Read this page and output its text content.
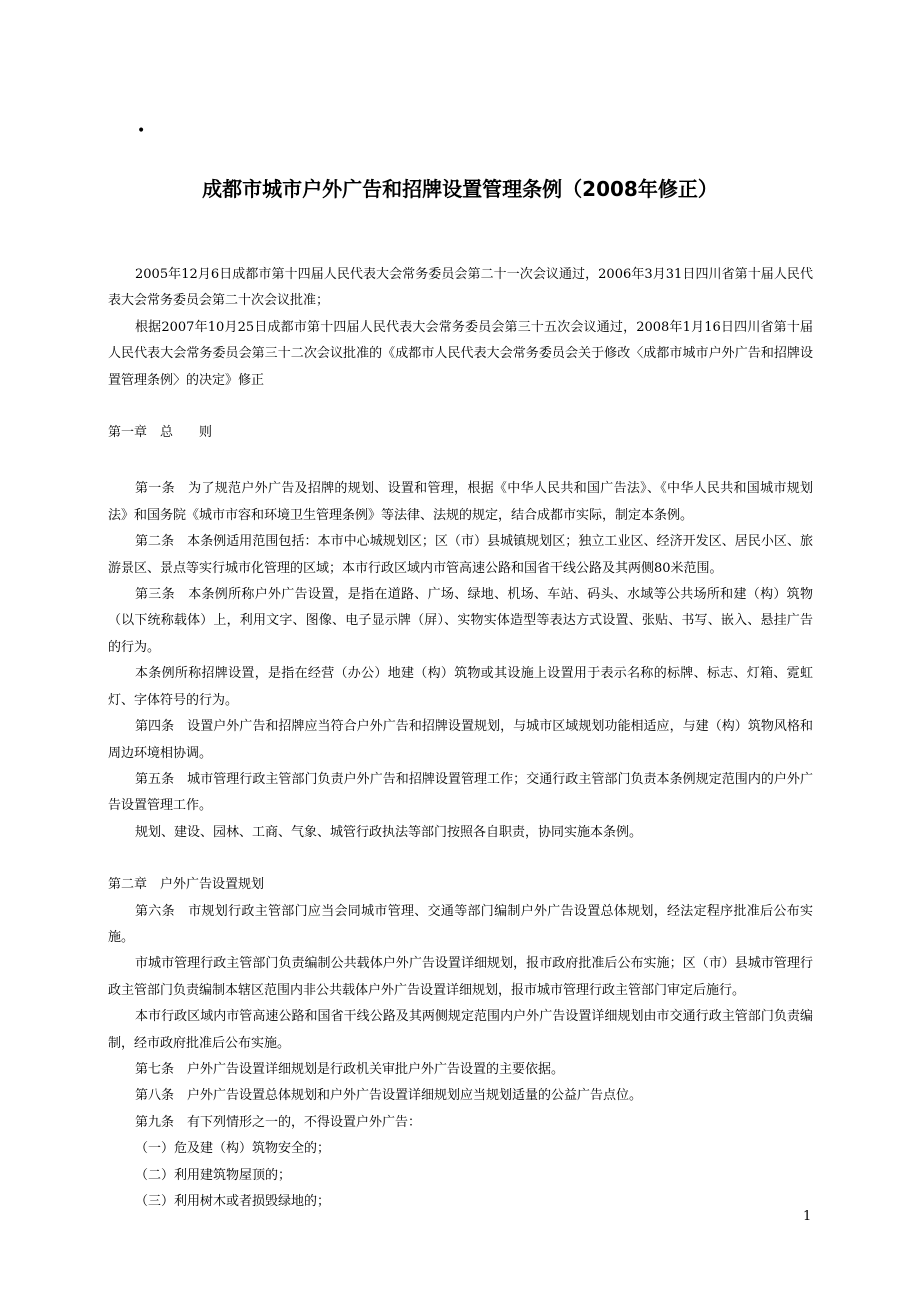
•
成都市城市户外广告和招牌设置管理条例（2008年修正）

2005年12月6日成都市第十四届人民代表大会常务委员会第二十一次会议通过，2006年3月31日四川省第十届人民代表大会常务委员会第二十次会议批准；

根据2007年10月25日成都市第十四届人民代表大会常务委员会第三十五次会议通过，2008年1月16日四川省第十届人民代表大会常务委员会第三十二次会议批准的《成都市人民代表大会常务委员会关于修改〈成都市城市户外广告和招牌设置管理条例〉的决定》修正

第一章　总　　则

第一条　为了规范户外广告及招牌的规划、设置和管理，根据《中华人民共和国广告法》、《中华人民共和国城市规划法》和国务院《城市市容和环境卫生管理条例》等法律、法规的规定，结合成都市实际，制定本条例。

第二条　本条例适用范围包括：本市中心城规划区；区（市）县城镇规划区；独立工业区、经济开发区、居民小区、旅游景区、景点等实行城市化管理的区域；本市行政区域内市管高速公路和国省干线公路及其两侧80米范围。

第三条　本条例所称户外广告设置，是指在道路、广场、绿地、机场、车站、码头、水域等公共场所和建（构）筑物（以下统称载体）上，利用文字、图像、电子显示牌（屏）、实物实体造型等表达方式设置、张贴、书写、嵌入、悬挂广告的行为。

本条例所称招牌设置，是指在经营（办公）地建（构）筑物或其设施上设置用于表示名称的标牌、标志、灯箱、霓虹灯、字体符号的行为。

第四条　设置户外广告和招牌应当符合户外广告和招牌设置规划，与城市区域规划功能相适应，与建（构）筑物风格和周边环境相协调。

第五条　城市管理行政主管部门负责户外广告和招牌设置管理工作；交通行政主管部门负责本条例规定范围内的户外广告设置管理工作。

规划、建设、园林、工商、气象、城管行政执法等部门按照各自职责，协同实施本条例。

第二章　户外广告设置规划

第六条　市规划行政主管部门应当会同城市管理、交通等部门编制户外广告设置总体规划，经法定程序批准后公布实施。

市城市管理行政主管部门负责编制公共载体户外广告设置详细规划，报市政府批准后公布实施；区（市）县城市管理行政主管部门负责编制本辖区范围内非公共载体户外广告设置详细规划，报市城市管理行政主管部门审定后施行。

本市行政区域内市管高速公路和国省干线公路及其两侧规定范围内户外广告设置详细规划由市交通行政主管部门负责编制，经市政府批准后公布实施。

第七条　户外广告设置详细规划是行政机关审批户外广告设置的主要依据。

第八条　户外广告设置总体规划和户外广告设置详细规划应当规划适量的公益广告点位。

第九条　有下列情形之一的，不得设置户外广告：

（一）危及建（构）筑物安全的；

（二）利用建筑物屋顶的；

（三）利用树木或者损毁绿地的；

1
